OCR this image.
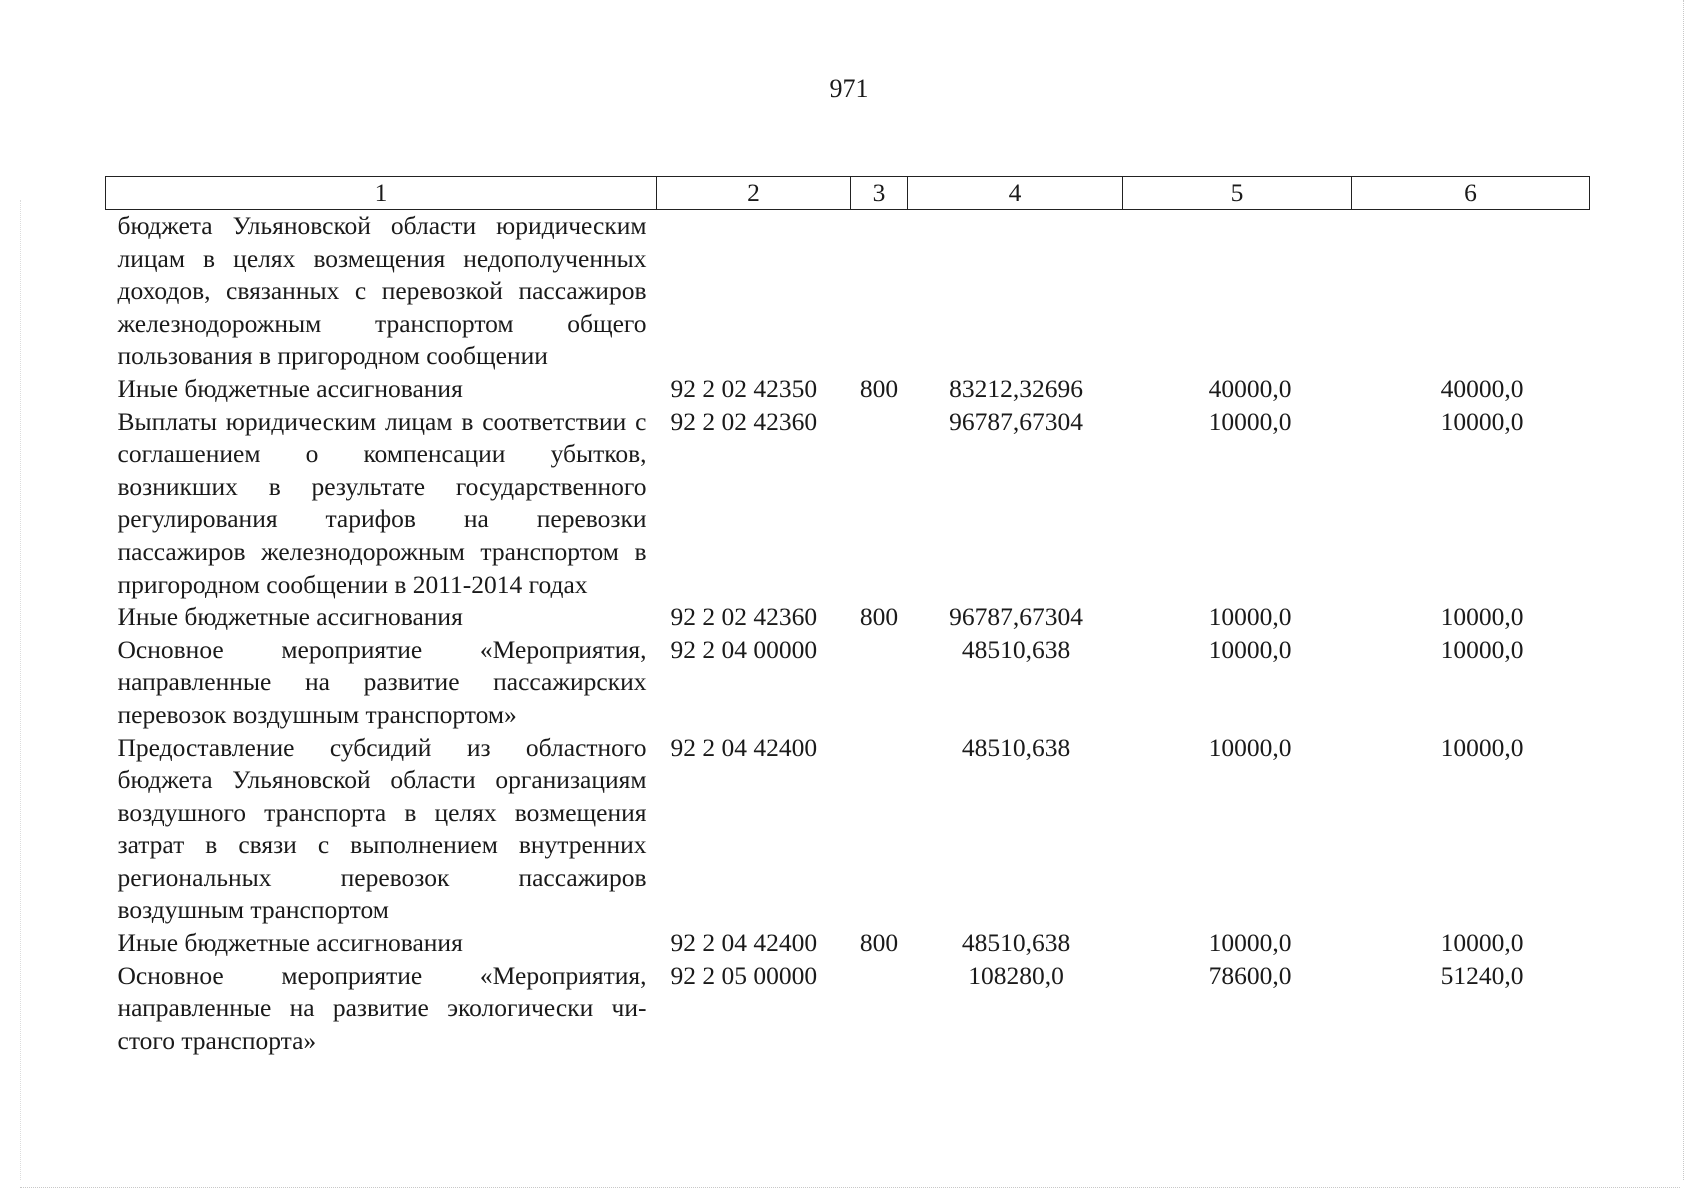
971
1	2	3	4	5	6
бюджета Ульяновской области юридическим лицам в целях возмещения недополученных доходов, связанных с перевозкой пассажиров железнодорожным транспортом общего пользования в пригородном сообщении					
Иные бюджетные ассигнования	92 2 02 42350	800	83212,32696	40000,0	40000,0
Выплаты юридическим лицам в соответствии с соглашением о компенсации убытков, возникших в результате государственного регулирования тарифов на перевозки пассажиров железнодорожным транспортом в пригородном сообщении в 2011-2014 годах	92 2 02 42360		96787,67304	10000,0	10000,0
Иные бюджетные ассигнования	92 2 02 42360	800	96787,67304	10000,0	10000,0
Основное мероприятие «Мероприятия, направленные на развитие пассажирских перевозок воздушным транспортом»	92 2 04 00000		48510,638	10000,0	10000,0
Предоставление субсидий из областного бюджета Ульяновской области организациям воздушного транспорта в целях возмещения затрат в связи с выполнением внутренних региональных перевозок пассажиров воздушным транспортом	92 2 04 42400		48510,638	10000,0	10000,0
Иные бюджетные ассигнования	92 2 04 42400	800	48510,638	10000,0	10000,0
Основное мероприятие «Мероприятия, направленные на развитие экологически чистого транспорта»	92 2 05 00000		108280,0	78600,0	51240,0
